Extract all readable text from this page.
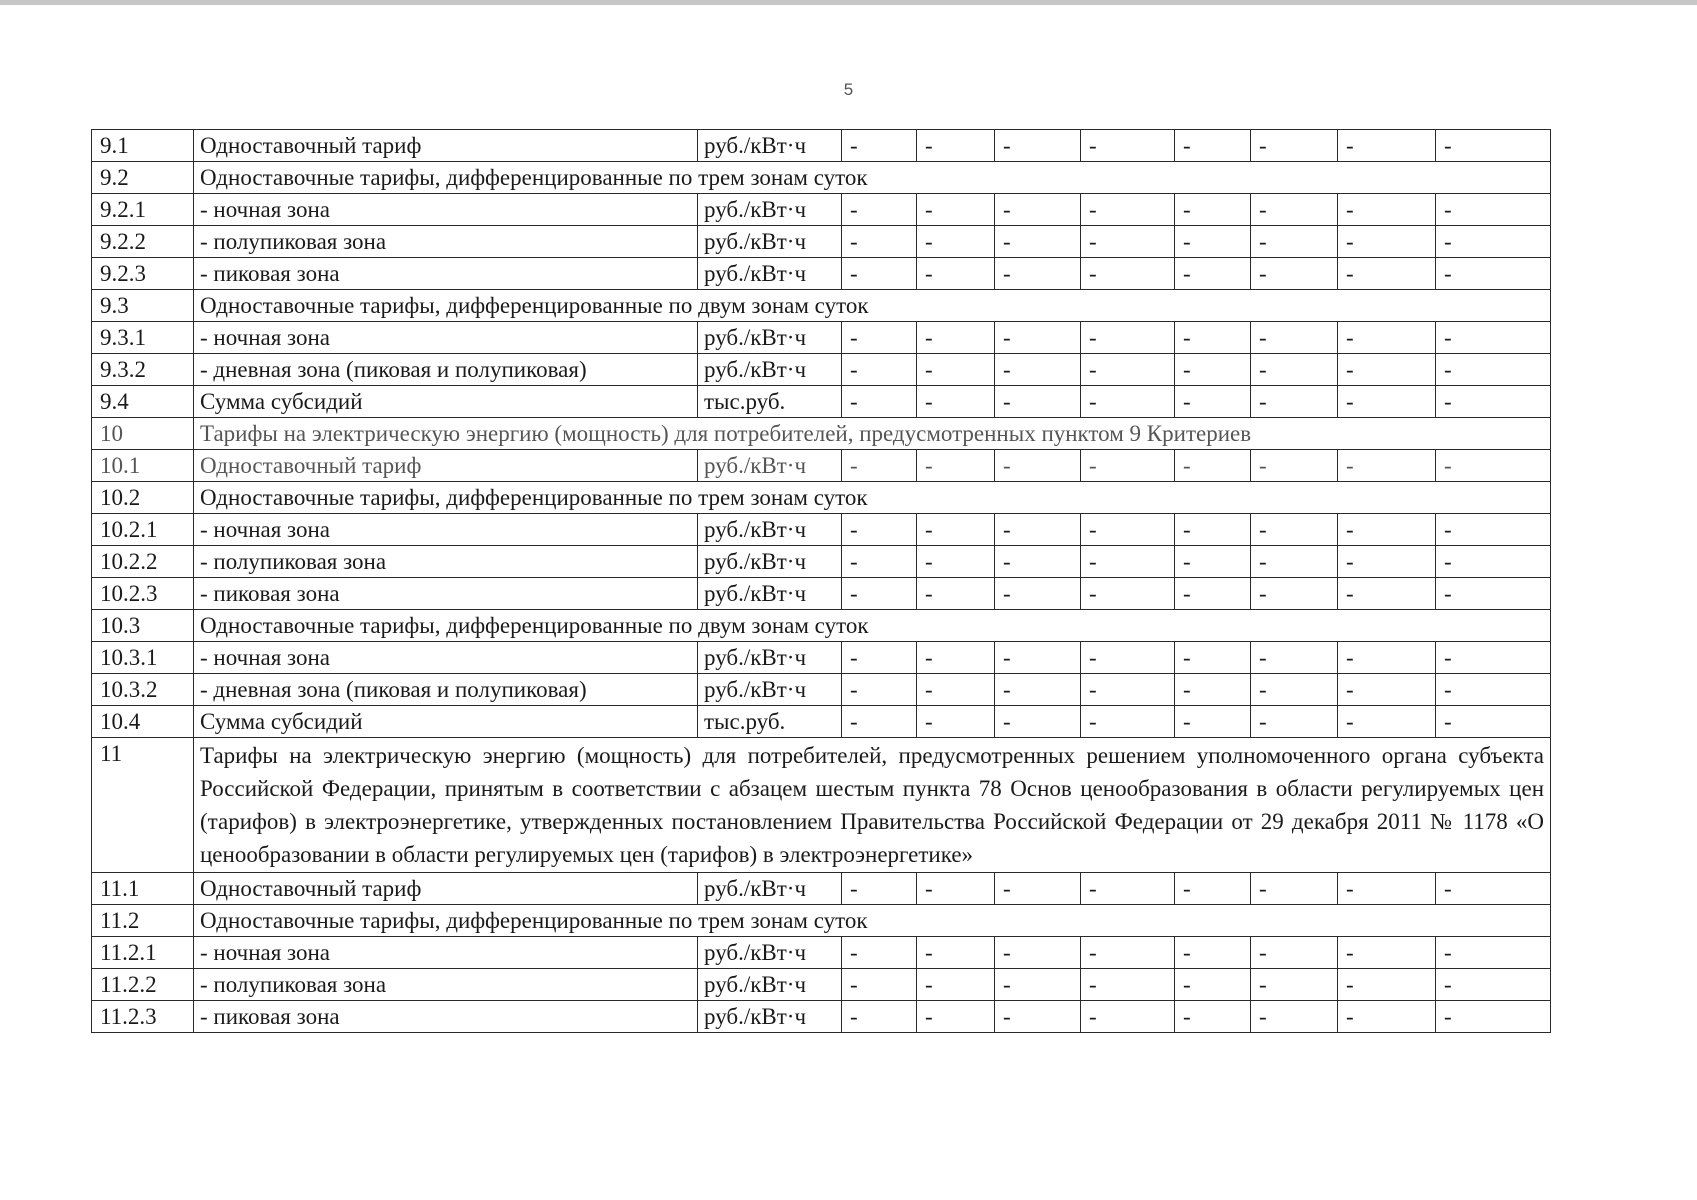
5
9.1	Одноставочный тариф	руб./кВт·ч	-	-	-	-	-	-	-	-
9.2	Одноставочные тарифы, дифференцированные по трем зонам суток									
9.2.1	- ночная зона	руб./кВт·ч	-	-	-	-	-	-	-	-
9.2.2	- полупиковая зона	руб./кВт·ч	-	-	-	-	-	-	-	-
9.2.3	- пиковая зона	руб./кВт·ч	-	-	-	-	-	-	-	-
9.3	Одноставочные тарифы, дифференцированные по двум зонам суток									
9.3.1	- ночная зона	руб./кВт·ч	-	-	-	-	-	-	-	-
9.3.2	- дневная зона (пиковая и полупиковая)	руб./кВт·ч	-	-	-	-	-	-	-	-
9.4	Сумма субсидий	тыс.руб.	-	-	-	-	-	-	-	-
10	Тарифы на электрическую энергию (мощность) для потребителей, предусмотренных пунктом 9 Критериев									
10.1	Одноставочный тариф	руб./кВт·ч	-	-	-	-	-	-	-	-
10.2	Одноставочные тарифы, дифференцированные по трем зонам суток									
10.2.1	- ночная зона	руб./кВт·ч	-	-	-	-	-	-	-	-
10.2.2	- полупиковая зона	руб./кВт·ч	-	-	-	-	-	-	-	-
10.2.3	- пиковая зона	руб./кВт·ч	-	-	-	-	-	-	-	-
10.3	Одноставочные тарифы, дифференцированные по двум зонам суток									
10.3.1	- ночная зона	руб./кВт·ч	-	-	-	-	-	-	-	-
10.3.2	- дневная зона (пиковая и полупиковая)	руб./кВт·ч	-	-	-	-	-	-	-	-
10.4	Сумма субсидий	тыс.руб.	-	-	-	-	-	-	-	-
11	Тарифы на электрическую энергию (мощность) для потребителей, предусмотренных решением уполномоченного органа субъекта Российской Федерации, принятым в соответствии с абзацем шестым пункта 78 Основ ценообразования в области регулируемых цен (тарифов) в электроэнергетике, утвержденных постановлением Правительства Российской Федерации от 29 декабря 2011 № 1178 «О ценообразовании в области регулируемых цен (тарифов) в электроэнергетике»									
11.1	Одноставочный тариф	руб./кВт·ч	-	-	-	-	-	-	-	-
11.2	Одноставочные тарифы, дифференцированные по трем зонам суток									
11.2.1	- ночная зона	руб./кВт·ч	-	-	-	-	-	-	-	-
11.2.2	- полупиковая зона	руб./кВт·ч	-	-	-	-	-	-	-	-
11.2.3	- пиковая зона	руб./кВт·ч	-	-	-	-	-	-	-	-
